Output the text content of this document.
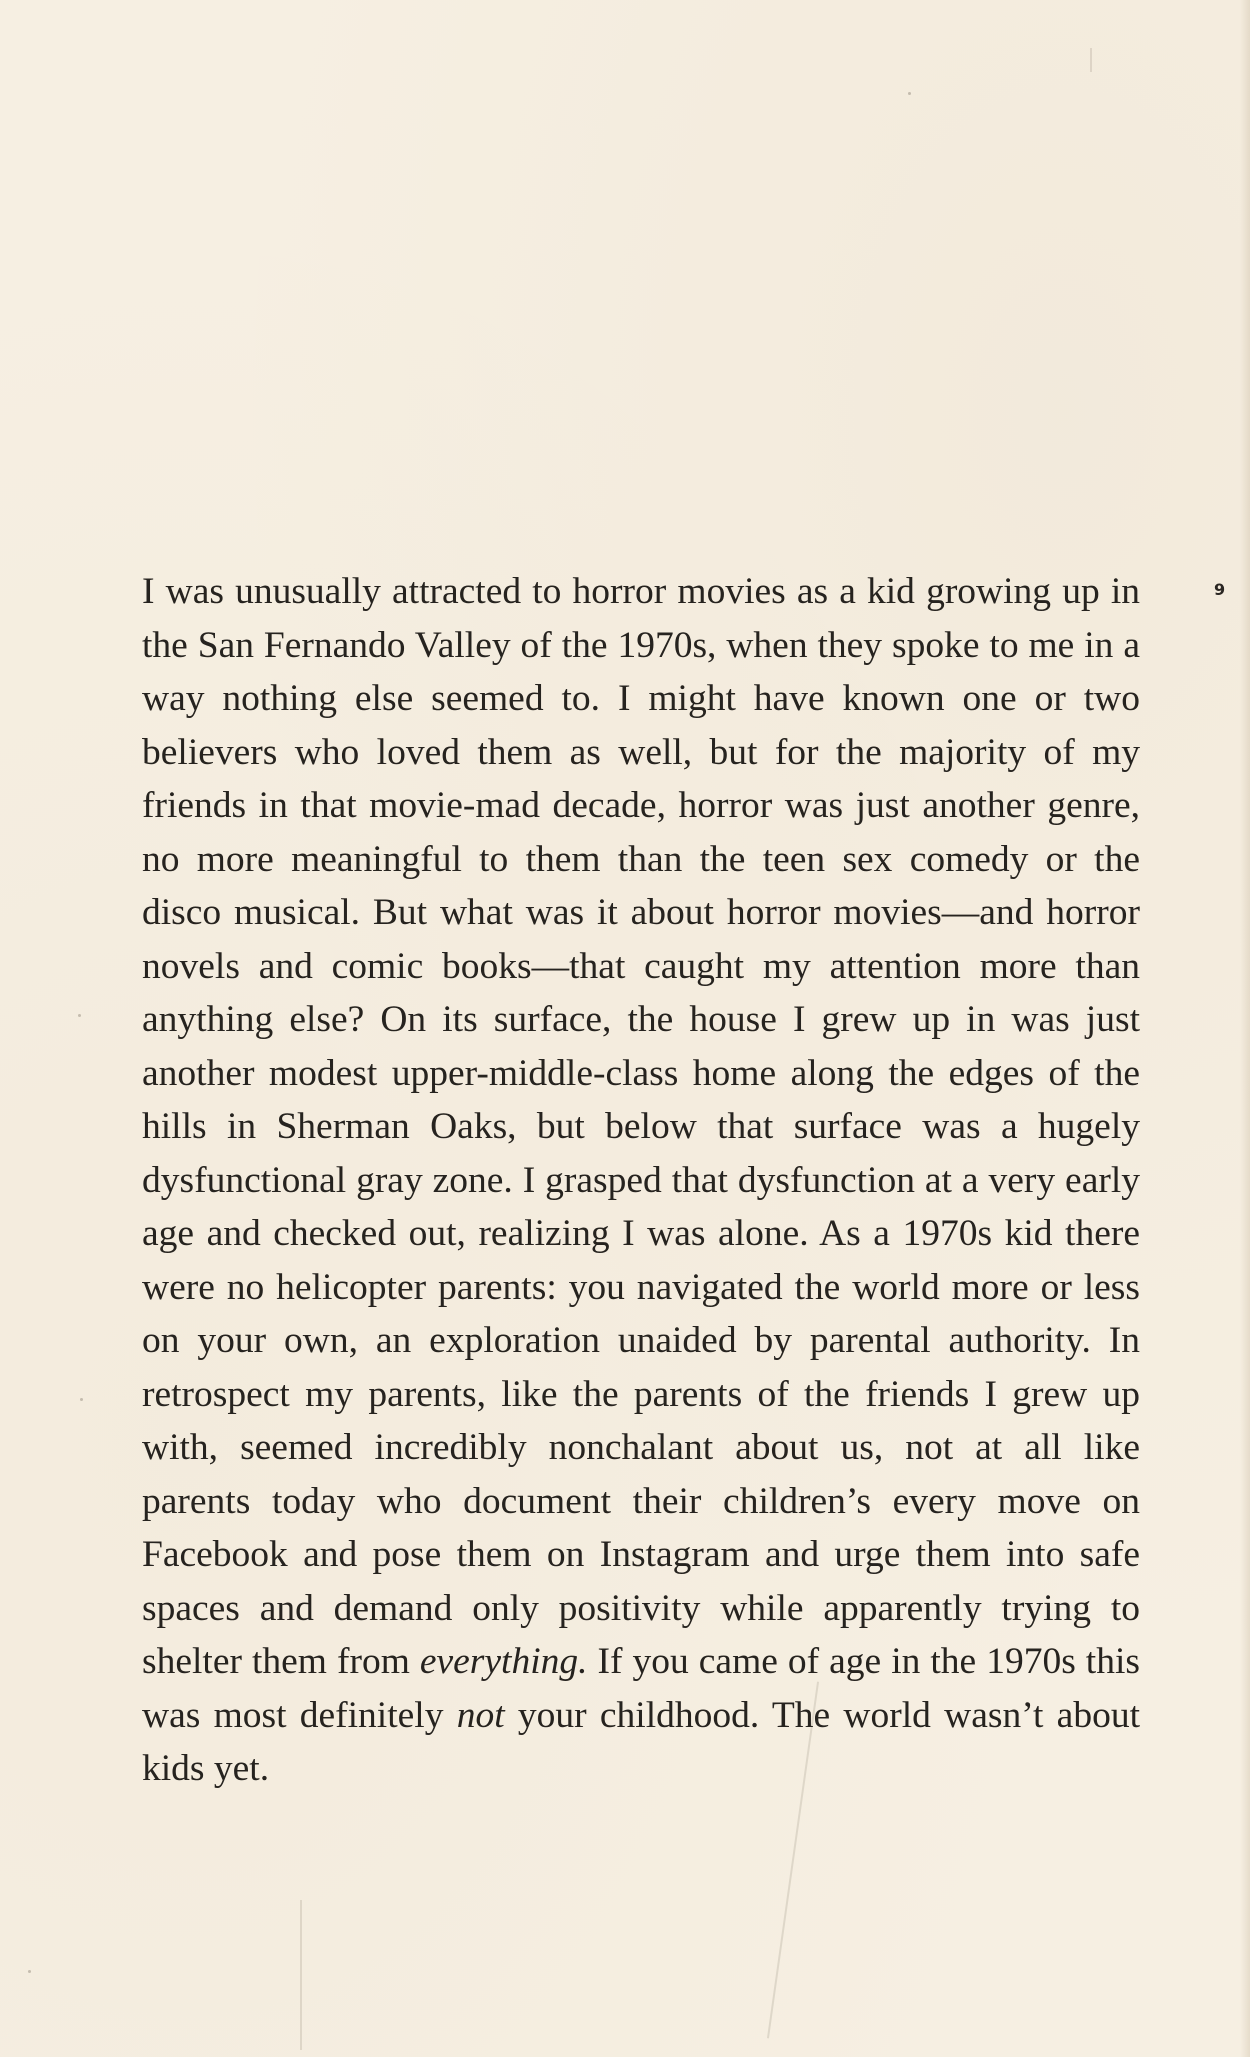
9

I was unusually attracted to horror movies as a kid growing up in the San Fernando Valley of the 1970s, when they spoke to me in a way nothing else seemed to. I might have known one or two believers who loved them as well, but for the majority of my friends in that movie-mad decade, horror was just another genre, no more meaningful to them than the teen sex comedy or the disco musical. But what was it about horror movies—and horror novels and comic books—that caught my attention more than anything else? On its surface, the house I grew up in was just another modest upper-middle-class home along the edges of the hills in Sherman Oaks, but below that surface was a hugely dysfunctional gray zone. I grasped that dysfunction at a very early age and checked out, realizing I was alone. As a 1970s kid there were no helicopter parents: you navigated the world more or less on your own, an exploration unaided by parental authority. In retrospect my parents, like the parents of the friends I grew up with, seemed incredibly nonchalant about us, not at all like parents today who document their children’s every move on Facebook and pose them on Instagram and urge them into safe spaces and demand only positivity while apparently trying to shelter them from everything. If you came of age in the 1970s this was most definitely not your childhood. The world wasn’t about kids yet.
